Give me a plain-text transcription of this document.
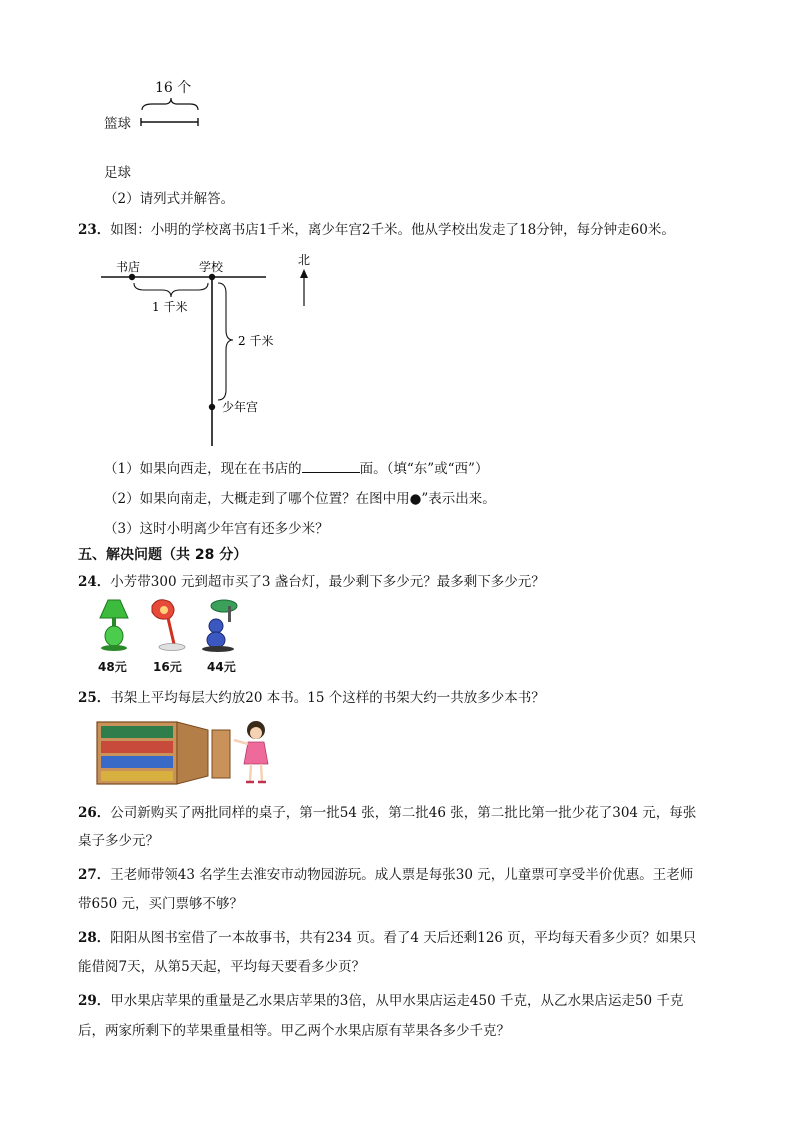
16 个
篮球
足球
（2）请列式并解答。
23．如图：小明的学校离书店1千米，离少年宫2千米。他从学校出发走了18分钟，每分钟走60米。
书店	学校	北
1 千米
2 千米
少年宫
（1）如果向西走，现在在书店的	面。（填“东”或“西”）
（2）如果向南走，大概走到了哪个位置？在图中用●”表示出来。
（3）这时小明离少年宫有还多少米？
五、解决问题（共 28 分）
24．小芳带300 元到超市买了3 盏台灯，最少剩下多少元？最多剩下多少元？
48元 16元 44元
25．书架上平均每层大约放20 本书。15 个这样的书架大约一共放多少本书？
26．公司新购买了两批同样的桌子，第一批54 张，第二批46 张，第二批比第一批少花了304 元，每张
桌子多少元？
27．王老师带领43 名学生去淮安市动物园游玩。成人票是每张30 元，儿童票可享受半价优惠。王老师
带650 元，买门票够不够？
28．阳阳从图书室借了一本故事书，共有234 页。看了4 天后还剩126 页，平均每天看多少页？如果只
能借阅7天，从第5天起，平均每天要看多少页？
29．甲水果店苹果的重量是乙水果店苹果的3倍，从甲水果店运走450 千克，从乙水果店运走50 千克
后，两家所剩下的苹果重量相等。甲乙两个水果店原有苹果各多少千克？
